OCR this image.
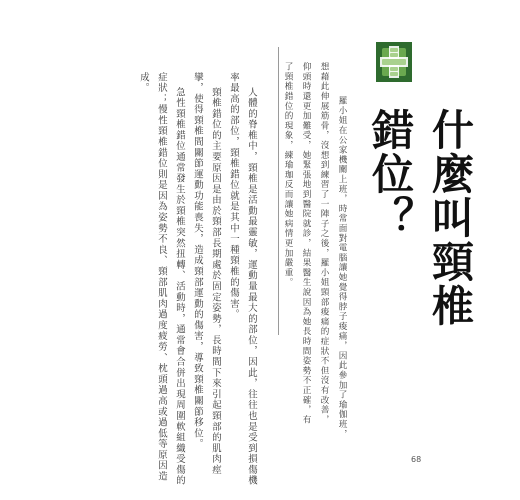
什麼叫頸椎錯位？
羅小姐在公家機關上班，時常面對電腦讓她覺得脖子痠痛，因此參加了瑜伽班，
想藉此伸展筋骨，沒想到練習了一陣子之後，羅小姐頸部痠痛的症狀不但沒有改善，
仰頭時還更加難受，她緊張地到醫院就診，結果醫生說因為她長時間姿勢不正確，有
了頸椎錯位的現象，練瑜珈反而讓她病情更加嚴重。
人體的脊椎中，頸椎是活動最靈敏，運動量最大的部位，因此，往往也是受到損傷機
率最高的部位，頸椎錯位就是其中一種頸椎的傷害。
頸椎錯位的主要原因是由於頸部長期處於固定姿勢，長時間下來引起頸部的肌肉痙
攣，使得頸椎間關節運動功能喪失，造成頸部運動的傷害，導致頸椎關節移位。
急性頸椎錯位通常發生於頸椎突然扭轉、活動時，通常會合併出現周圍軟組織受傷的
症狀；慢性頸椎錯位則是因為姿勢不良、頸部肌肉過度疲勞、枕頭過高或過低等原因造
成。
68
